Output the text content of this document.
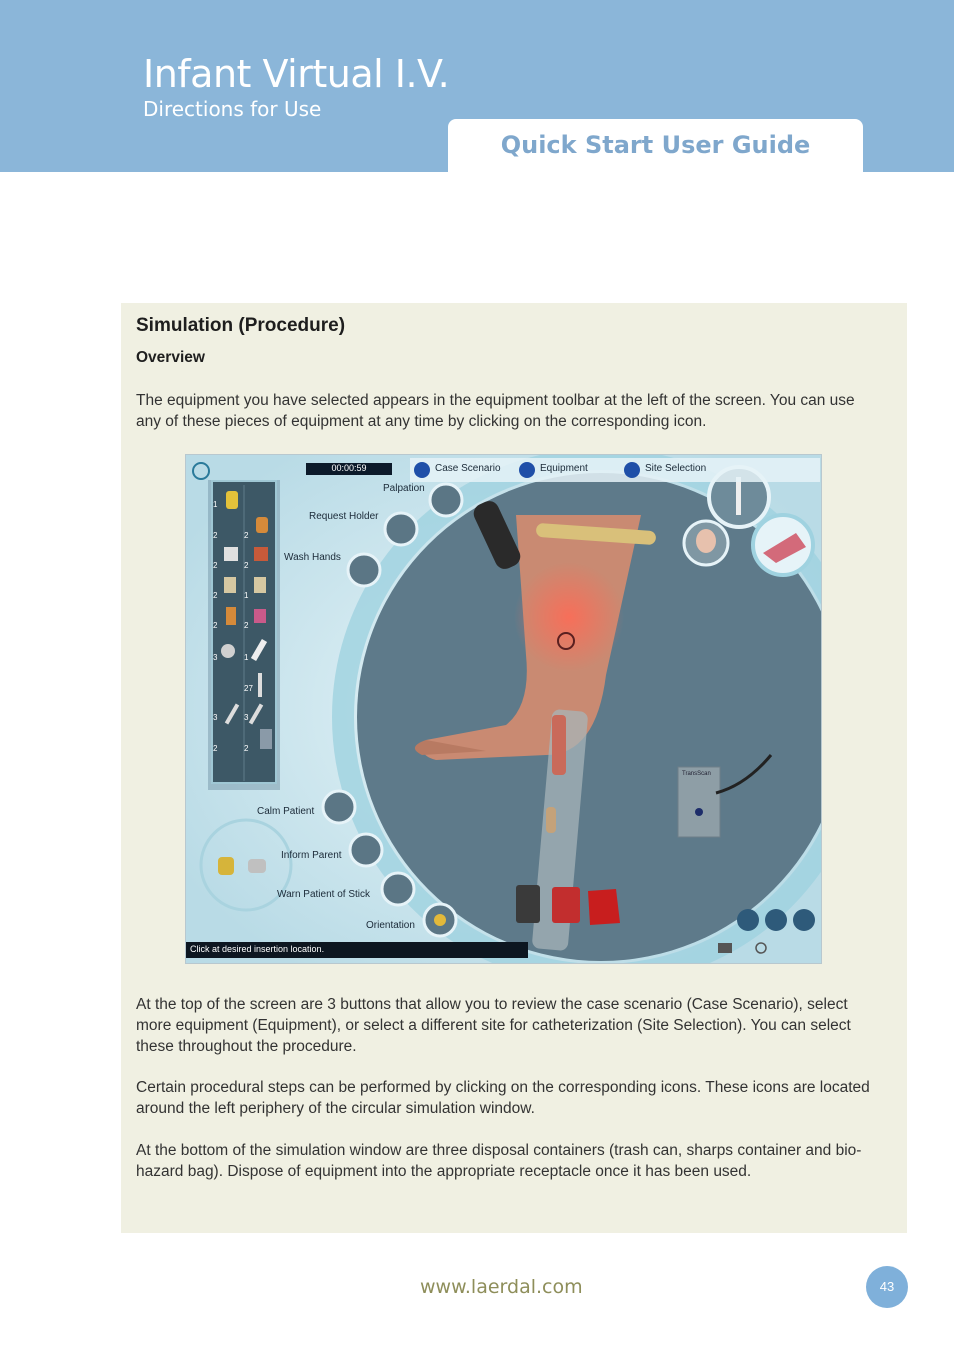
Infant Virtual I.V.
Directions for Use
Quick Start User Guide
Simulation (Procedure)
Overview
The equipment you have selected appears in the equipment toolbar at the left of the screen. You can use any of these pieces of equipment at any time by clicking on the corresponding icon.
At the top of the screen are 3 buttons that allow you to review the case scenario (Case Scenario), select more equipment (Equipment), or select a different site for catheterization (Site Selection). You can select these throughout the procedure.
Certain procedural steps can be performed by clicking on the corresponding icons. These icons are located around the left periphery of the circular simulation window.
At the bottom of the simulation window are three disposal containers (trash can, sharps container and bio-hazard bag). Dispose of equipment into the appropriate receptacle once it has been used.
00:00:59	Case Scenario	Equipment	Site Selection
Palpation
Request Holder
Wash Hands
Calm Patient
Inform Parent
Warn Patient of Stick
Orientation
TransScan
Click at desired insertion location.
1
2	2
2	2
2	1
2	2
3	1
27
3	3
2	2
www.laerdal.com	43
